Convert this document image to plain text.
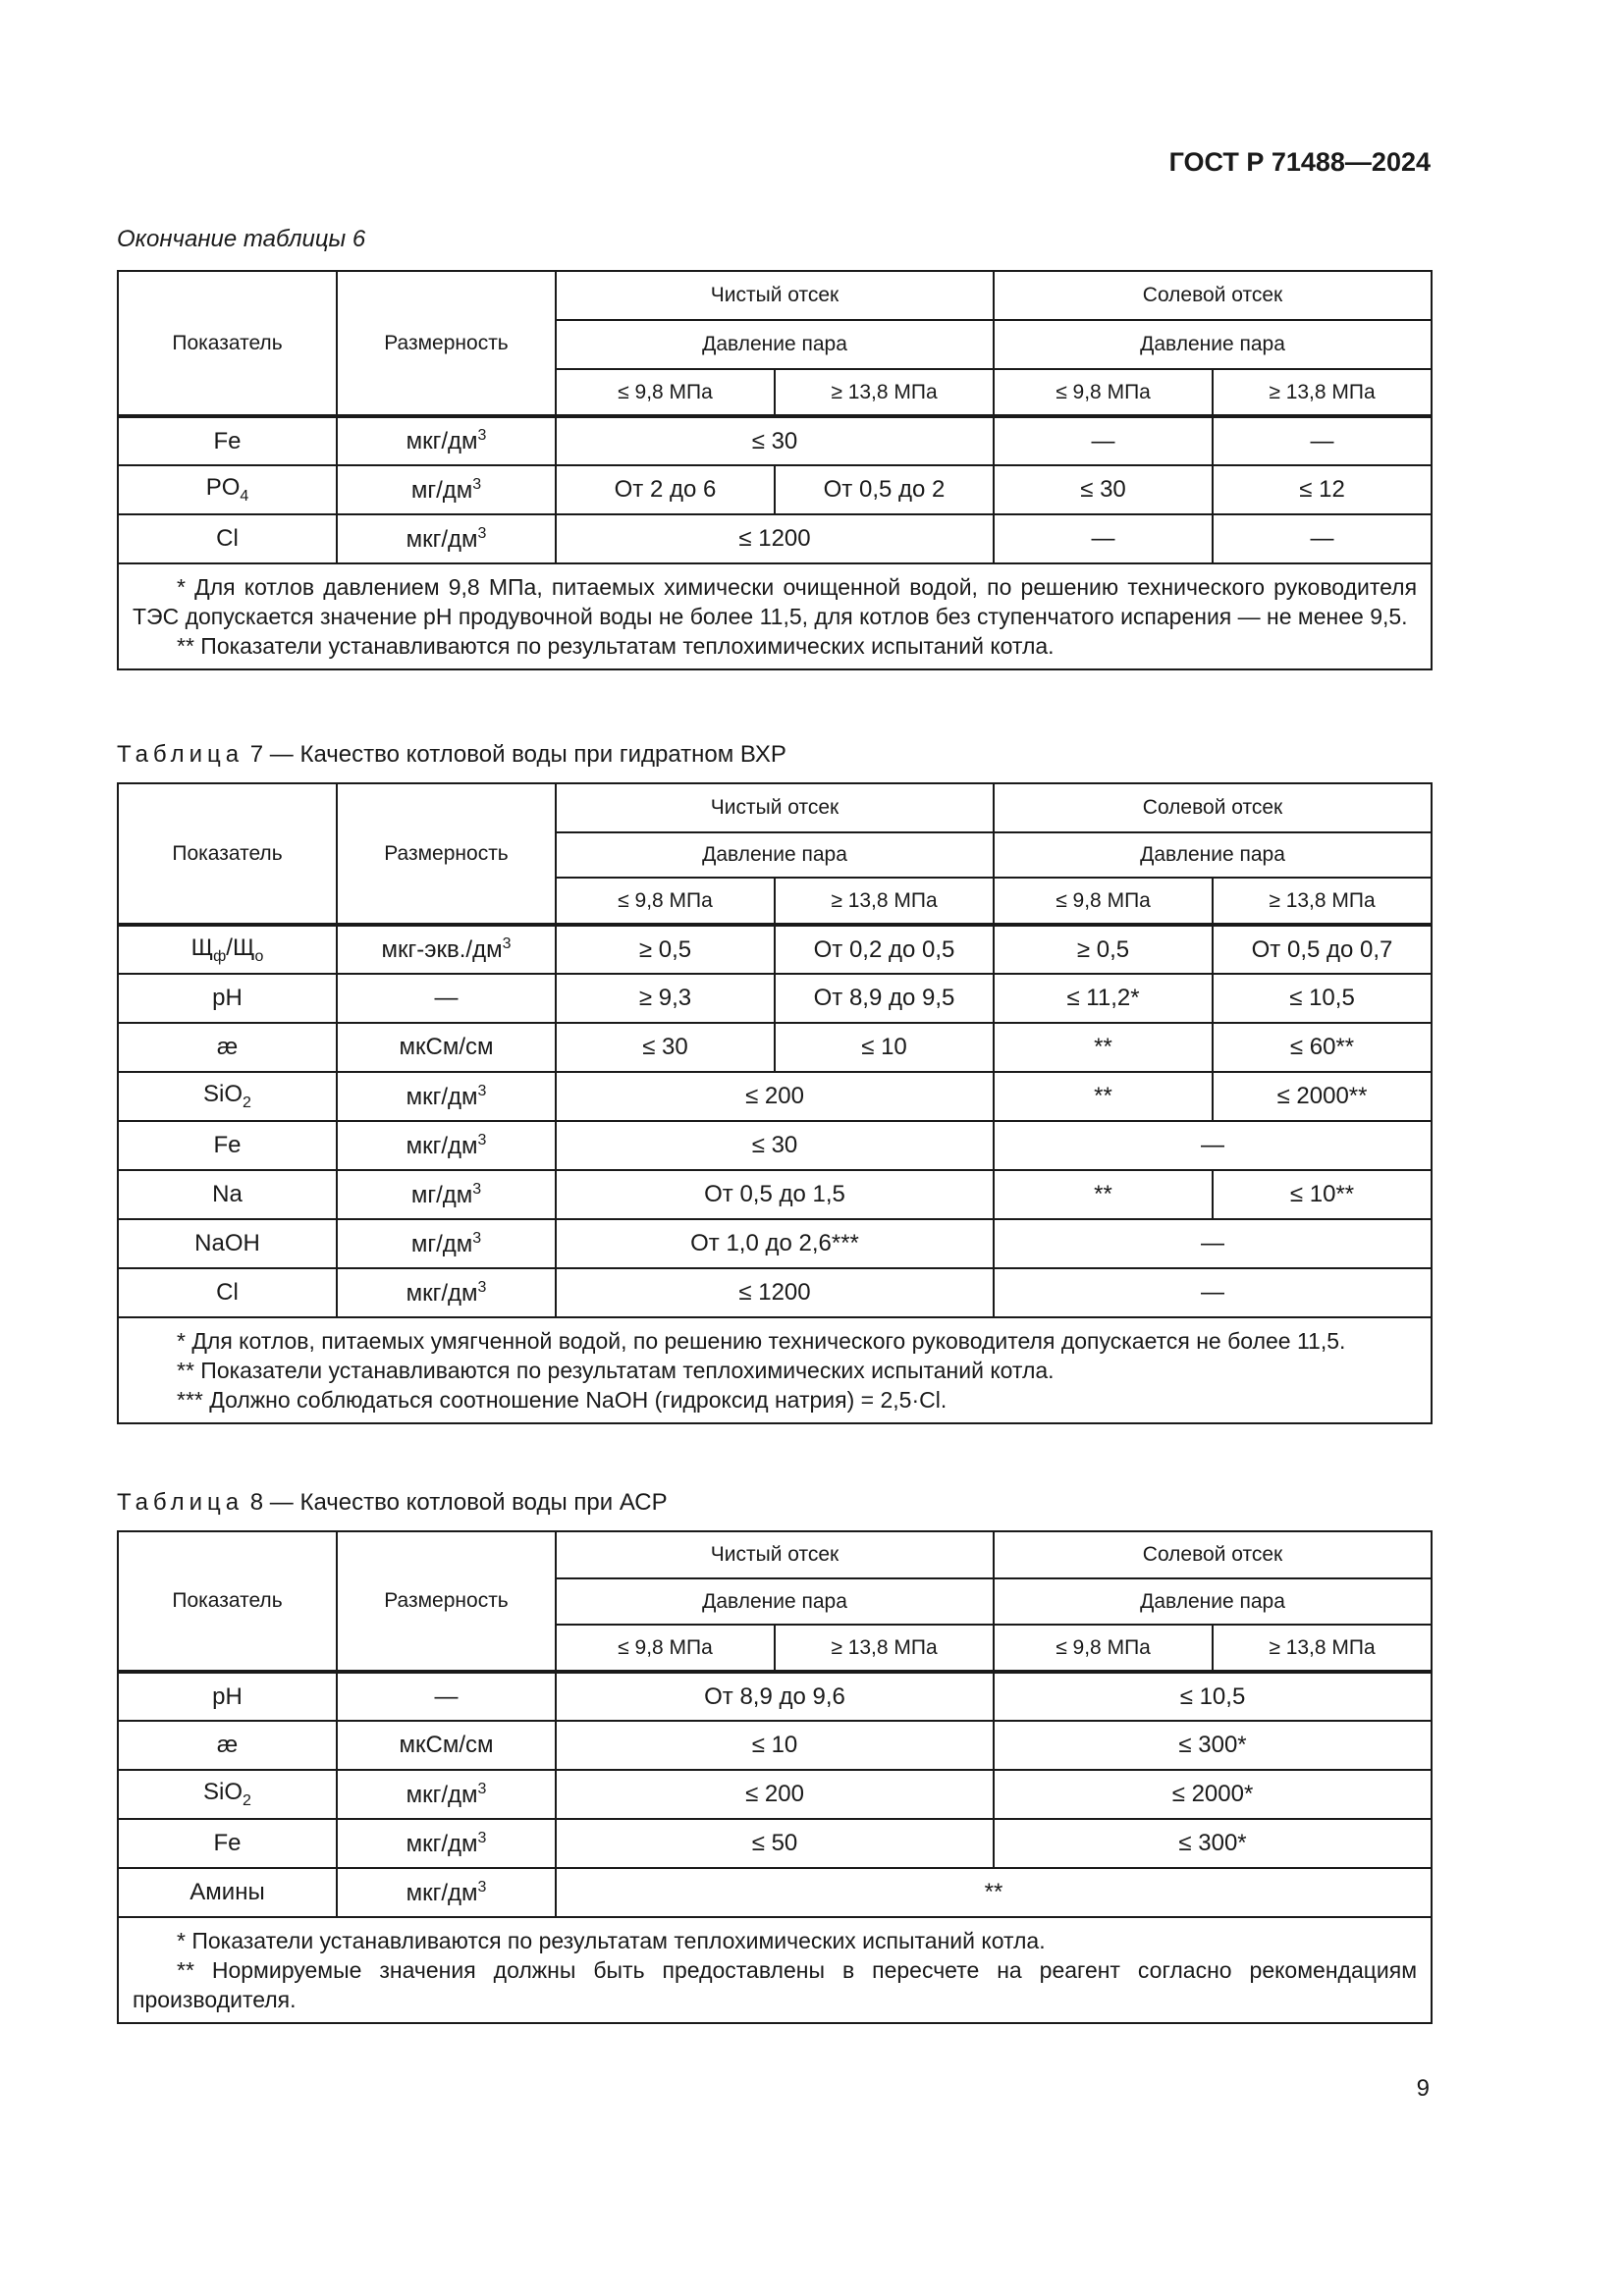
ГОСТ Р 71488—2024
Окончание таблицы 6
Показатель	Размерность	Чистый отсек		Солевой отсек	
		Давление пара		Давление пара	
		≤ 9,8 МПа	≥ 13,8 МПа	≤ 9,8 МПа	≥ 13,8 МПа
Fe	мкг/$дм^3$	≤ 30		—	—
$PO_4$	$мг/дм^3$	От 2 до 6	От 0,5 до 2	≤ 30	≤ 12
Cl	мкг/$дм^3$	≤ 1200		—	—

* Для котлов давлением 9,8 МПа, питаемых химически очищенной водой, по решению технического руководителя ТЭС допускается значение pH продувочной воды не более 11,5, для котлов без ступенчатого испарения — не менее 9,5.
** Показатели устанавливаются по результатам теплохимических испытаний котла.					
Таблица 7 — Качество котловой воды при гидратном ВХР
Показатель	Размерность	Чистый отсек		Солевой отсек	
		Давление пара		Давление пара	
		≤ 9,8 МПа	≥ 13,8 МПа	≤ 9,8 МПа	≥ 13,8 МПа
$Щ_ф/Щ_о$	мкг-$экв./дм^3$	≥ 0,5	От 0,2 до 0,5	≥ 0,5	От 0,5 до 0,7
pH	—	≥ 9,3	От 8,9 до 9,5	≤ 11,2*	≤ 10,5
æ	мкСм/см	≤ 30	≤ 10	**	≤ 60**
SiO$_2$	мкг/$дм^3$	≤ 200		**	≤ 2000**
Fe	мкг/$дм^3$	≤ 30		—	
Na	$мг/дм^3$	От 0,5 до 1,5		**	≤ 10**
NaOH	$мг/дм^3$	От 1,0 до 2,6***		—	
Cl	мкг/$дм^3$	≤ 1200		—	

* Для котлов, питаемых умягченной водой, по решению технического руководителя допускается не более 11,5.
** Показатели устанавливаются по результатам теплохимических испытаний котла.
*** Должно соблюдаться соотношение NaOH (гидроксид натрия) = 2,5·Cl.					
Таблица 8 — Качество котловой воды при АСР
Показатель	Размерность	Чистый отсек		Солевой отсек	
		Давление пара		Давление пара	
		≤ 9,8 МПа	≥ 13,8 МПа	≤ 9,8 МПа	≥ 13,8 МПа
pH	—	От 8,9 до 9,6		≤ 10,5	
æ	мкСм/см	≤ 10		≤ 300*	
SiO$_2$	мкг/$дм^3$	≤ 200		≤ 2000*	
Fe	мкг/$дм^3$	≤ 50		≤ 300*	
Амины	мкг/$дм^3$	**			

* Показатели устанавливаются по результатам теплохимических испытаний котла.
** Нормируемые значения должны быть предоставлены в пересчете на реагент согласно рекомендациям производителя.					
9
